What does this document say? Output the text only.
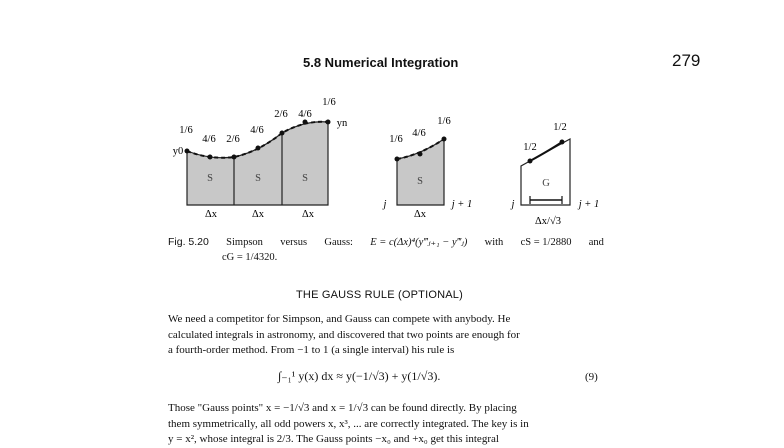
5.8 Numerical Integration	279
1/6
4/6 2/6
4/6
2/6 4/6
1/6
y0
yn
S	S	S
Δx	Δx	Δx
1/6
4/6
1/6
S
j	j + 1
Δx
1/2
1/2
G
j	j + 1
Δx/√3
Fig. 5.20 Simpson versus Gauss: E = c(Δx)⁴(y‴ⱼ₊₁ − y‴ⱼ) with cS = 1/2880 and
cG = 1/4320.
THE GAUSS RULE (OPTIONAL)
We need a competitor for Simpson, and Gauss can compete with anybody. He
calculated integrals in astronomy, and discovered that two points are enough for
a fourth-order method. From −1 to 1 (a single interval) his rule is
∫₋₁¹ y(x) dx ≈ y(−1/√3) + y(1/√3).	(9)
Those "Gauss points" x = −1/√3 and x = 1/√3 can be found directly. By placing
them symmetrically, all odd powers x, x³, ... are correctly integrated. The key is in
y = x², whose integral is 2/3. The Gauss points −x₀ and +x₀ get this integral
